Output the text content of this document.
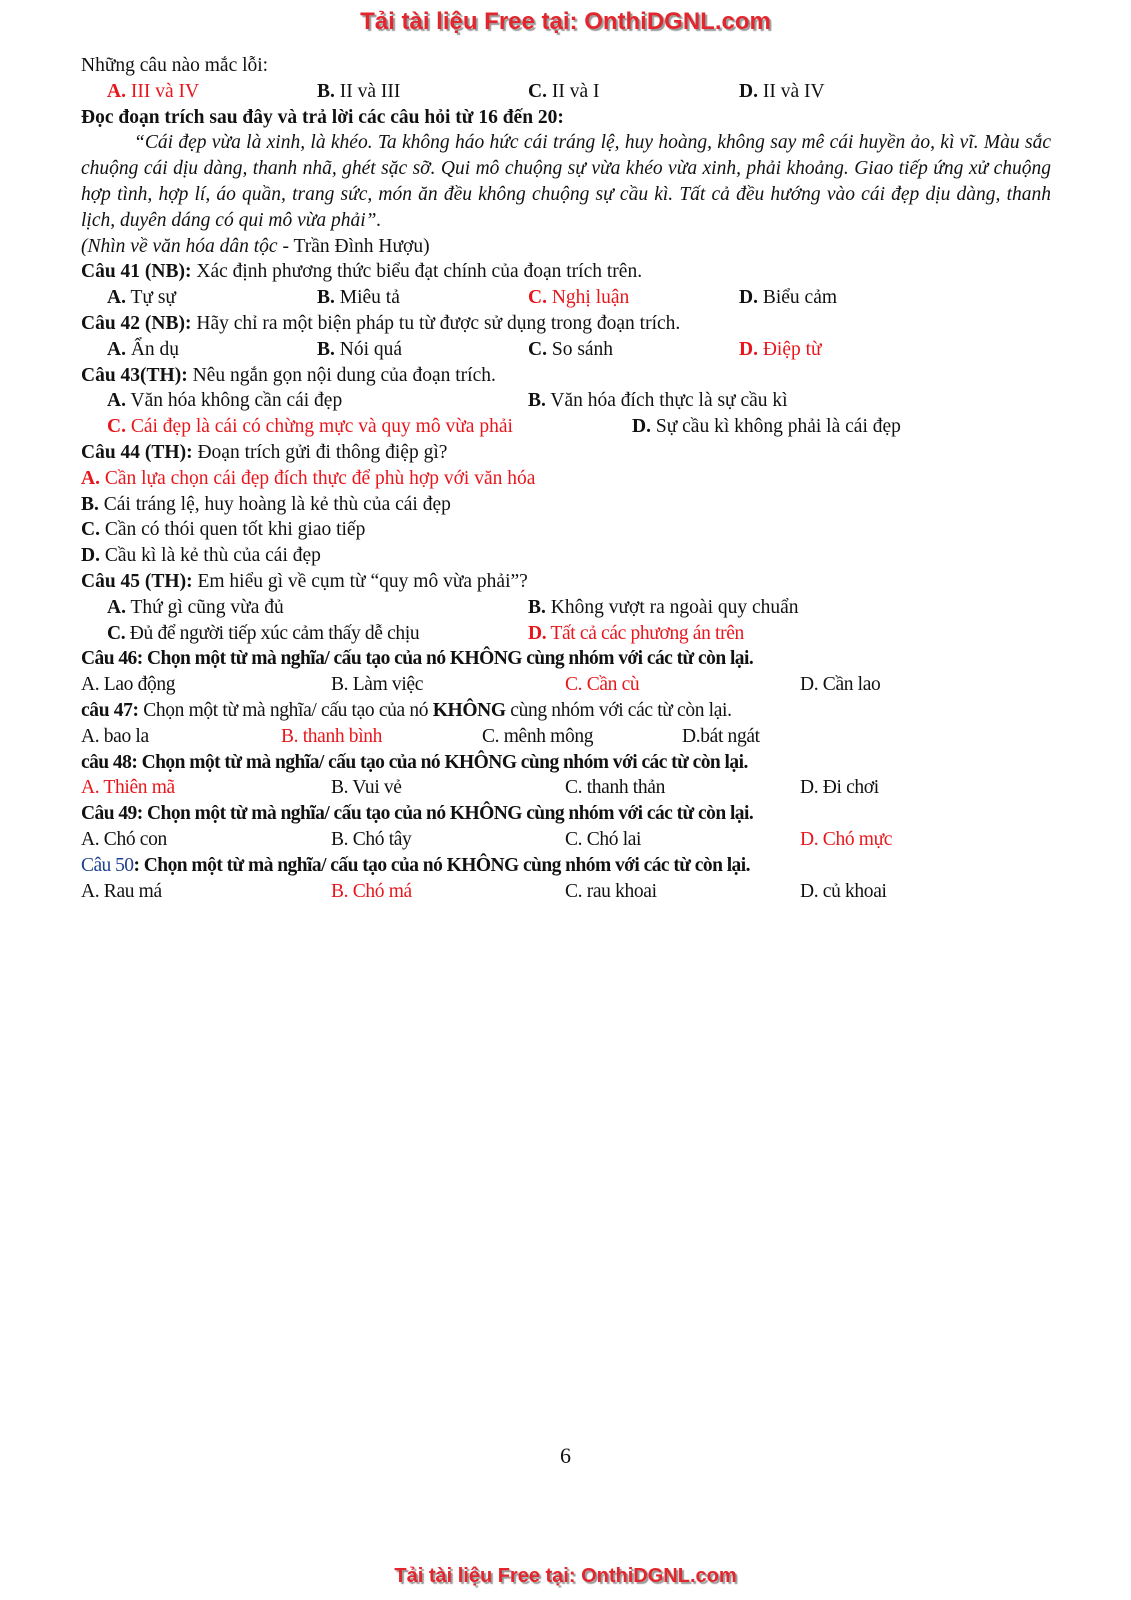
Tải tài liệu Free tại: OnthiDGNL.com
Những câu nào mắc lỗi:
A. III và IV	B. II và III	C. II và I	D. II và IV
Đọc đoạn trích sau đây và trả lời các câu hỏi từ 16 đến 20:
“Cái đẹp vừa là xinh, là khéo. Ta không háo hức cái tráng lệ, huy hoàng, không say mê cái huyền ảo, kì vĩ. Màu sắc chuộng cái dịu dàng, thanh nhã, ghét sặc sỡ. Qui mô chuộng sự vừa khéo vừa xinh, phải khoảng. Giao tiếp ứng xử chuộng hợp tình, hợp lí, áo quần, trang sức, món ăn đều không chuộng sự cầu kì. Tất cả đều hướng vào cái đẹp dịu dàng, thanh lịch, duyên dáng có qui mô vừa phải”.
(Nhìn về văn hóa dân tộc - Trần Đình Hượu)
Câu 41 (NB): Xác định phương thức biểu đạt chính của đoạn trích trên.
A. Tự sự	B. Miêu tả	C. Nghị luận	D. Biểu cảm
Câu 42 (NB): Hãy chỉ ra một biện pháp tu từ được sử dụng trong đoạn trích.
A. Ẩn dụ	B. Nói quá	C. So sánh	D. Điệp từ
Câu 43(TH): Nêu ngắn gọn nội dung của đoạn trích.
A. Văn hóa không cần cái đẹp	B. Văn hóa đích thực là sự cầu kì
C. Cái đẹp là cái có chừng mực và quy mô vừa phải	D. Sự cầu kì không phải là cái đẹp
Câu 44 (TH): Đoạn trích gửi đi thông điệp gì?
A. Cần lựa chọn cái đẹp đích thực để phù hợp với văn hóa
B. Cái tráng lệ, huy hoàng là kẻ thù của cái đẹp
C. Cần có thói quen tốt khi giao tiếp
D. Cầu kì là kẻ thù của cái đẹp
Câu 45 (TH): Em hiểu gì về cụm từ “quy mô vừa phải”?
A. Thứ gì cũng vừa đủ	B. Không vượt ra ngoài quy chuẩn
C. Đủ để người tiếp xúc cảm thấy dễ chịu	D. Tất cả các phương án trên
Câu 46: Chọn một từ mà nghĩa/ cấu tạo của nó KHÔNG cùng nhóm với các từ còn lại.
A. Lao động	B. Làm việc	C. Cần cù	D. Cần lao
câu 47: Chọn một từ mà nghĩa/ cấu tạo của nó KHÔNG cùng nhóm với các từ còn lại.
A. bao la	B. thanh bình	C. mênh mông	D.bát ngát
câu 48: Chọn một từ mà nghĩa/ cấu tạo của nó KHÔNG cùng nhóm với các từ còn lại.
A. Thiên mã	B. Vui vẻ	C. thanh thản	D. Đi chơi
Câu 49: Chọn một từ mà nghĩa/ cấu tạo của nó KHÔNG cùng nhóm với các từ còn lại.
A. Chó con	B. Chó tây	C. Chó lai	D. Chó mực
Câu 50: Chọn một từ mà nghĩa/ cấu tạo của nó KHÔNG cùng nhóm với các từ còn lại.
A. Rau má	B. Chó má	C. rau khoai	D. củ khoai
6
Tải tài liệu Free tại: OnthiDGNL.com
